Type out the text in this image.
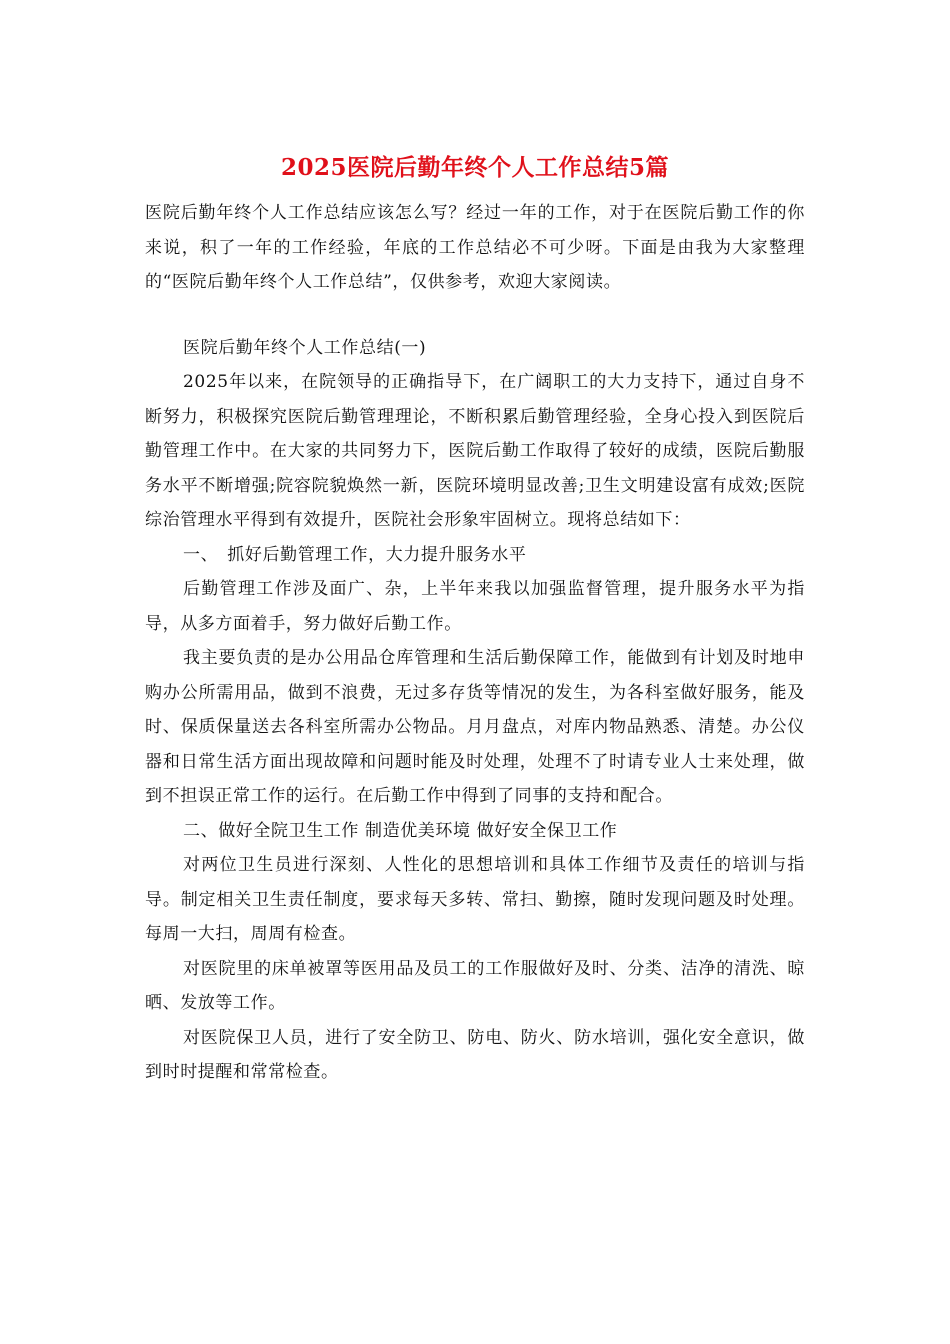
2025医院后勤年终个人工作总结5篇

医院后勤年终个人工作总结应该怎么写？经过一年的工作，对于在医院后勤工作的你来说，积了一年的工作经验，年底的工作总结必不可少呀。下面是由我为大家整理的“医院后勤年终个人工作总结”，仅供参考，欢迎大家阅读。

医院后勤年终个人工作总结(一)

2025年以来，在院领导的正确指导下，在广阔职工的大力支持下，通过自身不断努力，积极探究医院后勤管理理论，不断积累后勤管理经验，全身心投入到医院后勤管理工作中。在大家的共同努力下，医院后勤工作取得了较好的成绩，医院后勤服务水平不断增强;院容院貌焕然一新，医院环境明显改善;卫生文明建设富有成效;医院综治管理水平得到有效提升，医院社会形象牢固树立。现将总结如下：

一、　抓好后勤管理工作，大力提升服务水平

后勤管理工作涉及面广、杂，上半年来我以加强监督管理，提升服务水平为指导，从多方面着手，努力做好后勤工作。

我主要负责的是办公用品仓库管理和生活后勤保障工作，能做到有计划及时地申购办公所需用品，做到不浪费，无过多存货等情况的发生，为各科室做好服务，能及时、保质保量送去各科室所需办公物品。月月盘点，对库内物品熟悉、清楚。办公仪器和日常生活方面出现故障和问题时能及时处理，处理不了时请专业人士来处理，做到不担误正常工作的运行。在后勤工作中得到了同事的支持和配合。

二、做好全院卫生工作 制造优美环境 做好安全保卫工作

对两位卫生员进行深刻、人性化的思想培训和具体工作细节及责任的培训与指导。制定相关卫生责任制度，要求每天多转、常扫、勤擦，随时发现问题及时处理。每周一大扫，周周有检查。

对医院里的床单被罩等医用品及员工的工作服做好及时、分类、洁净的清洗、晾晒、发放等工作。

对医院保卫人员，进行了安全防卫、防电、防火、防水培训，强化安全意识，做到时时提醒和常常检查。
